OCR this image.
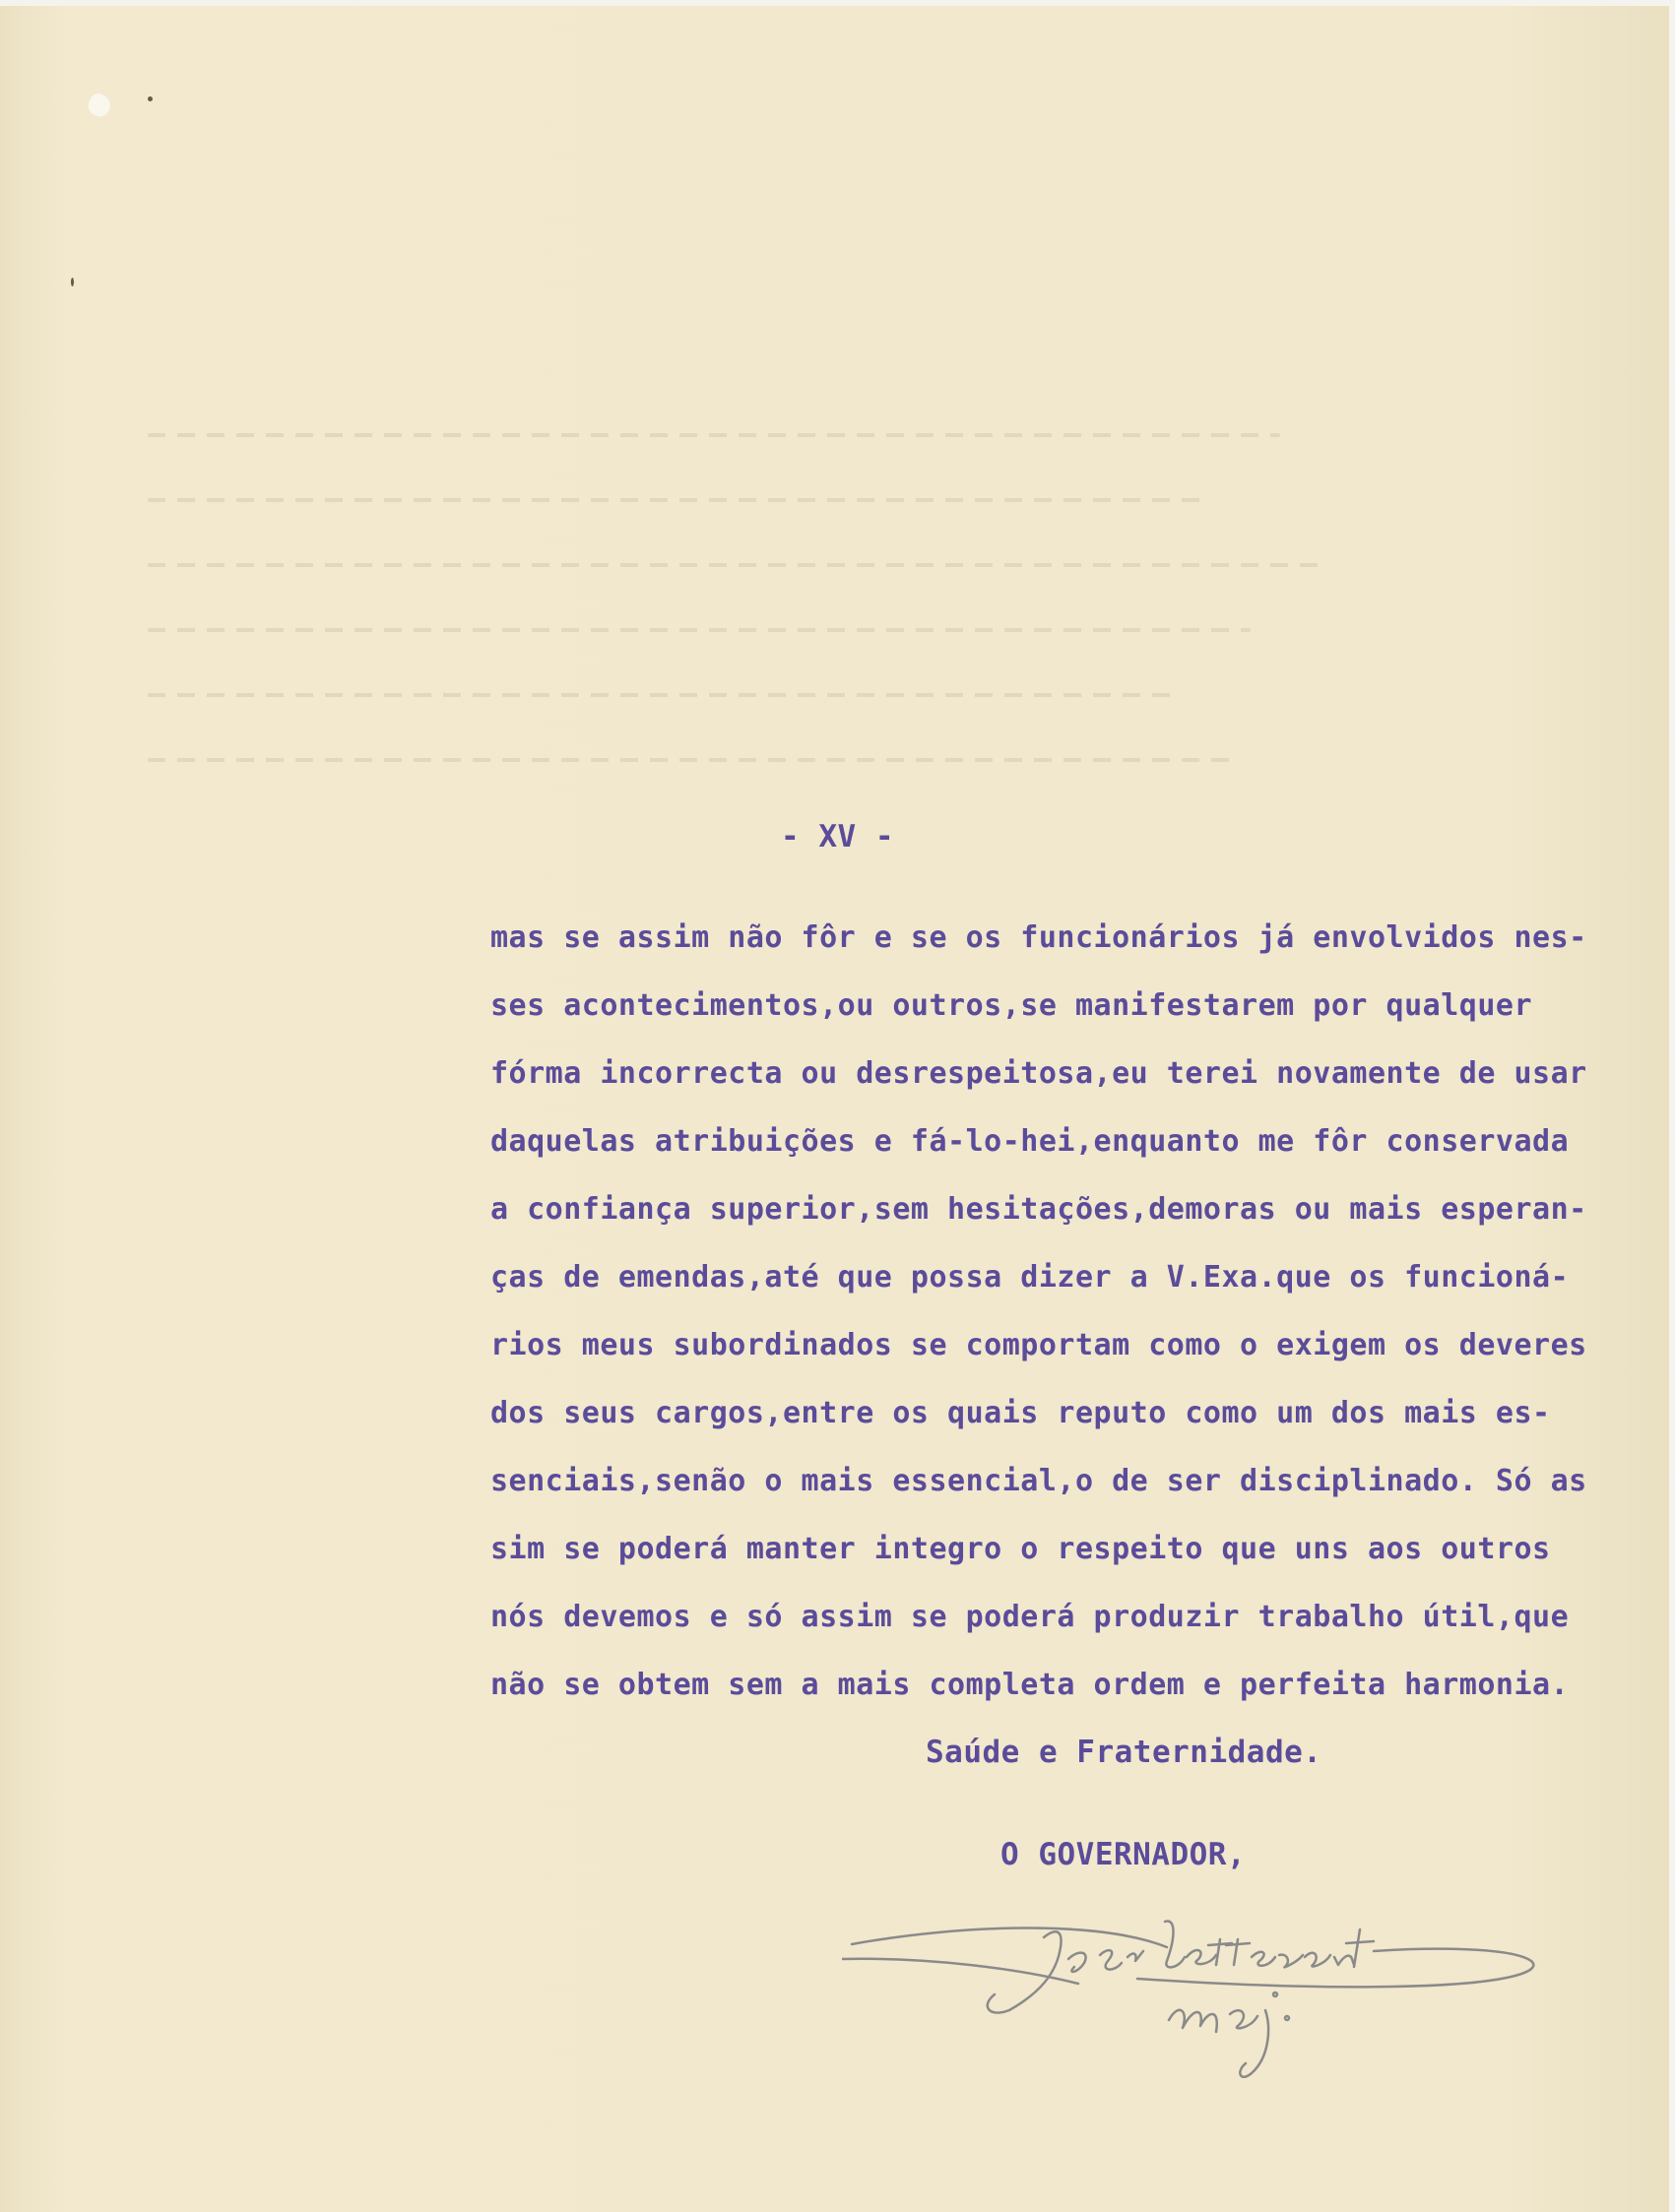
- XV -
mas se assim não fôr e se os funcionários já envolvidos nes-
ses acontecimentos,ou outros,se manifestarem por qualquer
fórma incorrecta ou desrespeitosa,eu terei novamente de usar
daquelas atribuições e fá-lo-hei,enquanto me fôr conservada
a confiança superior,sem hesitações,demoras ou mais esperan-
ças de emendas,até que possa dizer a V.Exa.que os funcioná-
rios meus subordinados se comportam como o exigem os deveres
dos seus cargos,entre os quais reputo como um dos mais es-
senciais,senão o mais essencial,o de ser disciplinado. Só as
sim se poderá manter integro o respeito que uns aos outros
nós devemos e só assim se poderá produzir trabalho útil,que
não se obtem sem a mais completa ordem e perfeita harmonia.
Saúde e Fraternidade.
O GOVERNADOR,
